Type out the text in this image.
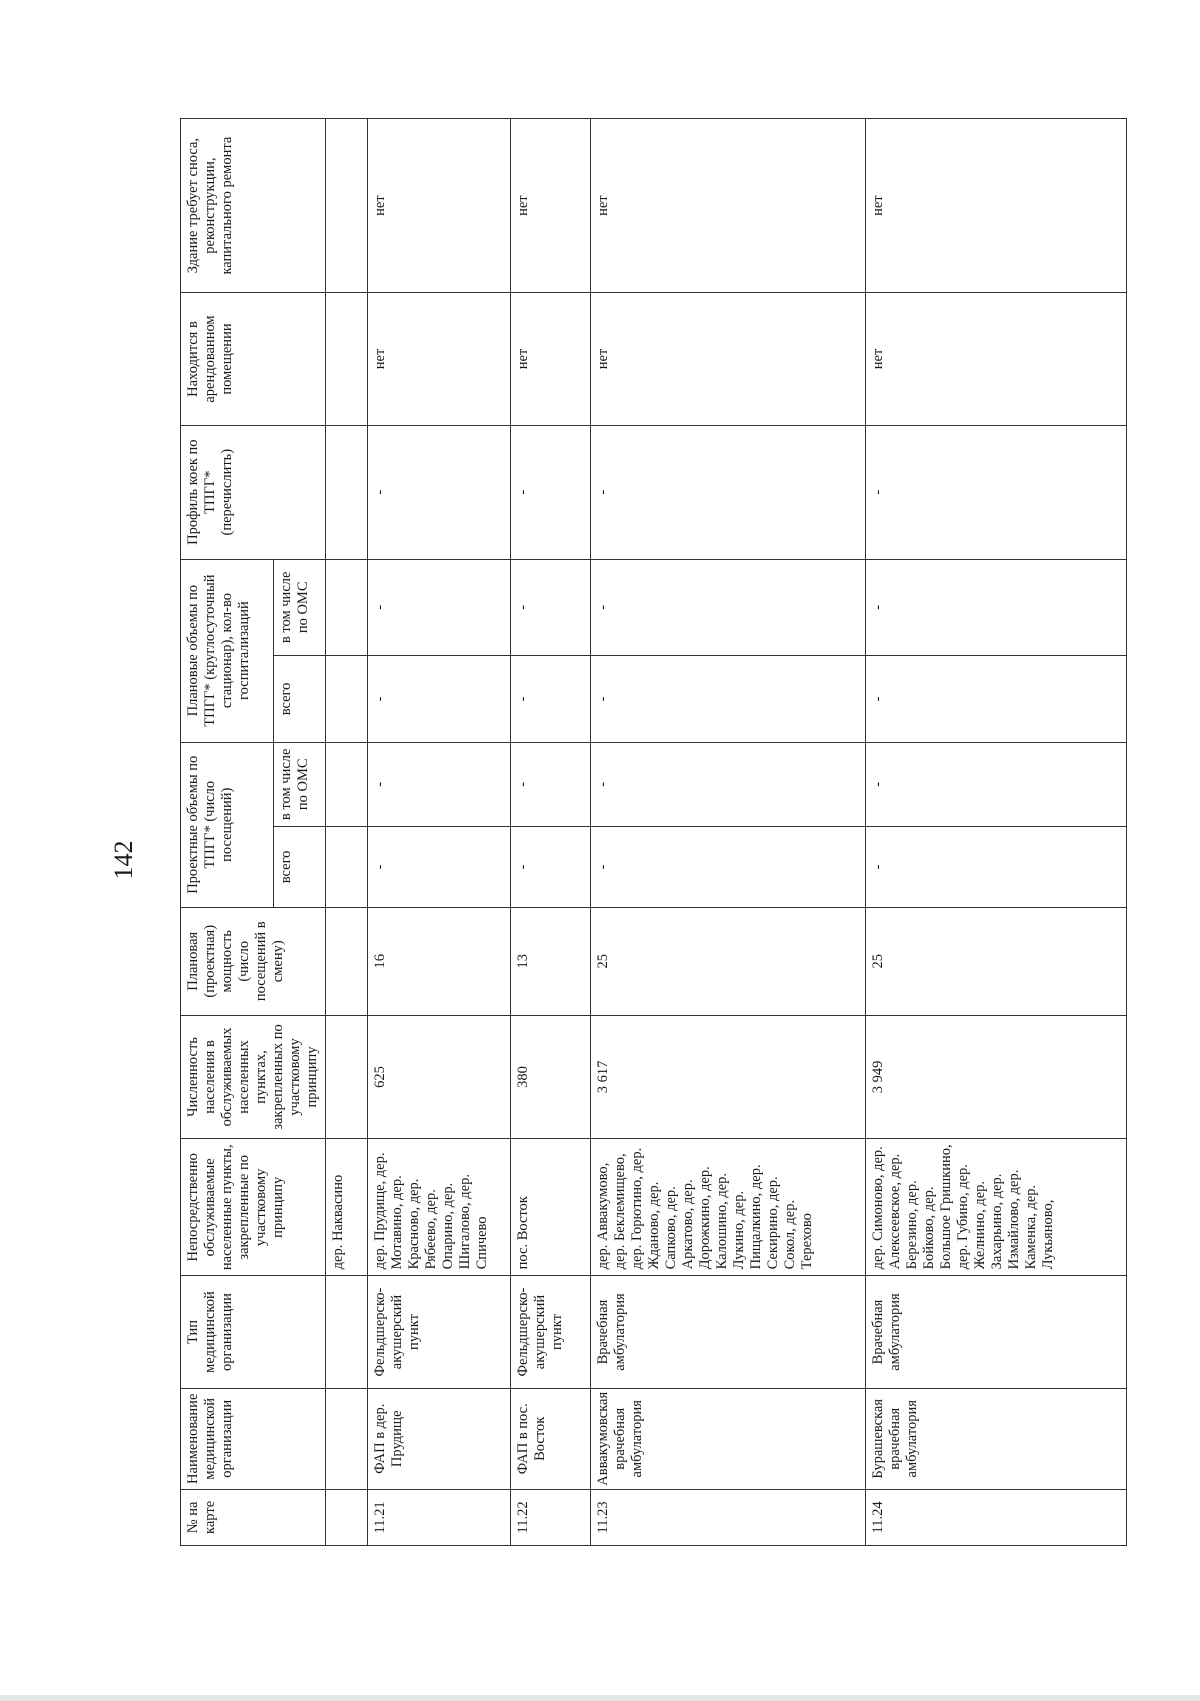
142
№ на карте	Наименование медицинской организации	Тип медицинской организации	Непосредственно обслуживаемые населенные пункты, закрепленные по участковому принципу	Численность населения в обслуживаемых населенных пунктах, закрепленных по участковому принципу	Плановая (проектная) мощность (число посещений в смену)	Проектные объемы по ТПГГ* (число посещений)		Плановые объемы по ТПГГ* (круглосуточный стационар), кол-во госпитализаций		Профиль коек по ТПГГ* (перечислить)	Находится в арендованном помещении	Здание требует сноса, реконструкции, капитального ремонта
						всего	в том числе по ОМС	всего	в том числе по ОМС			
			дер. Наквасино									
11.21	ФАП в дер. Прудище	Фельдшерско-акушерский пункт	дер. Прудище, дер. Мотавино, дер. Красново, дер. Рябеево, дер. Опарино, дер. Шигалово, дер. Спичево	625	16	-	-	-	-	-	нет	нет
11.22	ФАП в пос. Восток	Фельдшерско-акушерский пункт	пос. Восток	380	13	-	-	-	-	-	нет	нет
11.23	Аввакумовская врачебная амбулатория	Врачебная амбулатория	дер. Аввакумово, дер. Беклемищево, дер. Горютино, дер. Жданово, дер. Сапково, дер. Аркатово, дер. Дорожкино, дер. Калошино, дер. Лукино, дер. Пищалкино, дер. Секирино, дер. Сокол, дер. Терехово	3 617	25	-	-	-	-	-	нет	нет
11.24	Бурашевская врачебная амбулатория	Врачебная амбулатория	дер. Симоново, дер. Алексеевское, дер. Березино, дер. Бойково, дер. Большое Гришкино, дер. Губино, дер. Желнино, дер. Захарьино, дер. Измайлово, дер. Каменка, дер. Лукьяново,	3 949	25	-	-	-	-	-	нет	нет
